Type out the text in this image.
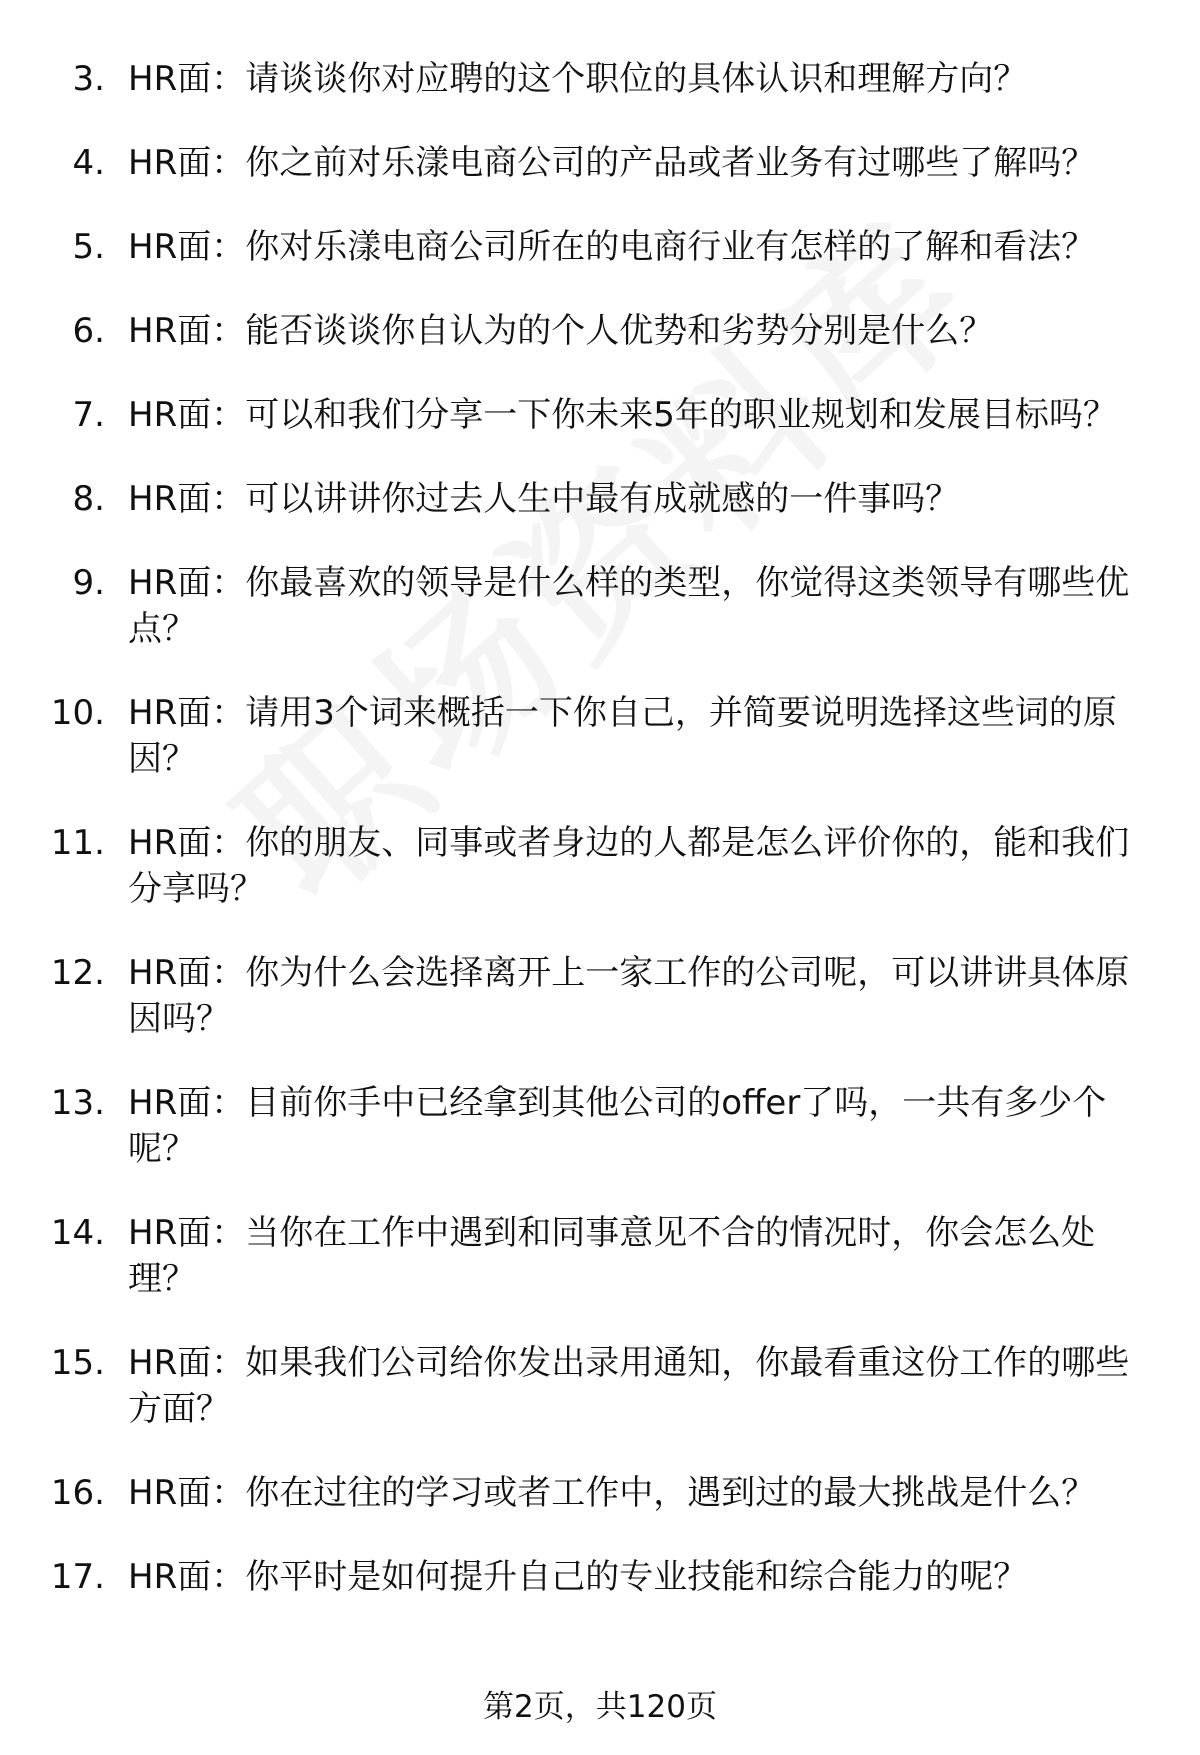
3. HR面：请谈谈你对应聘的这个职位的具体认识和理解方向？
4. HR面：你之前对乐漾电商公司的产品或者业务有过哪些了解吗？
5. HR面：你对乐漾电商公司所在的电商行业有怎样的了解和看法？
6. HR面：能否谈谈你自认为的个人优势和劣势分别是什么？
7. HR面：可以和我们分享一下你未来5年的职业规划和发展目标吗？
8. HR面：可以讲讲你过去人生中最有成就感的一件事吗？
9. HR面：你最喜欢的领导是什么样的类型，你觉得这类领导有哪些优点？
10. HR面：请用3个词来概括一下你自己，并简要说明选择这些词的原因？
11. HR面：你的朋友、同事或者身边的人都是怎么评价你的，能和我们分享吗？
12. HR面：你为什么会选择离开上一家工作的公司呢，可以讲讲具体原因吗？
13. HR面：目前你手中已经拿到其他公司的offer了吗，一共有多少个呢？
14. HR面：当你在工作中遇到和同事意见不合的情况时，你会怎么处理？
15. HR面：如果我们公司给你发出录用通知，你最看重这份工作的哪些方面？
16. HR面：你在过往的学习或者工作中，遇到过的最大挑战是什么？
17. HR面：你平时是如何提升自己的专业技能和综合能力的呢？
第2页，共120页
